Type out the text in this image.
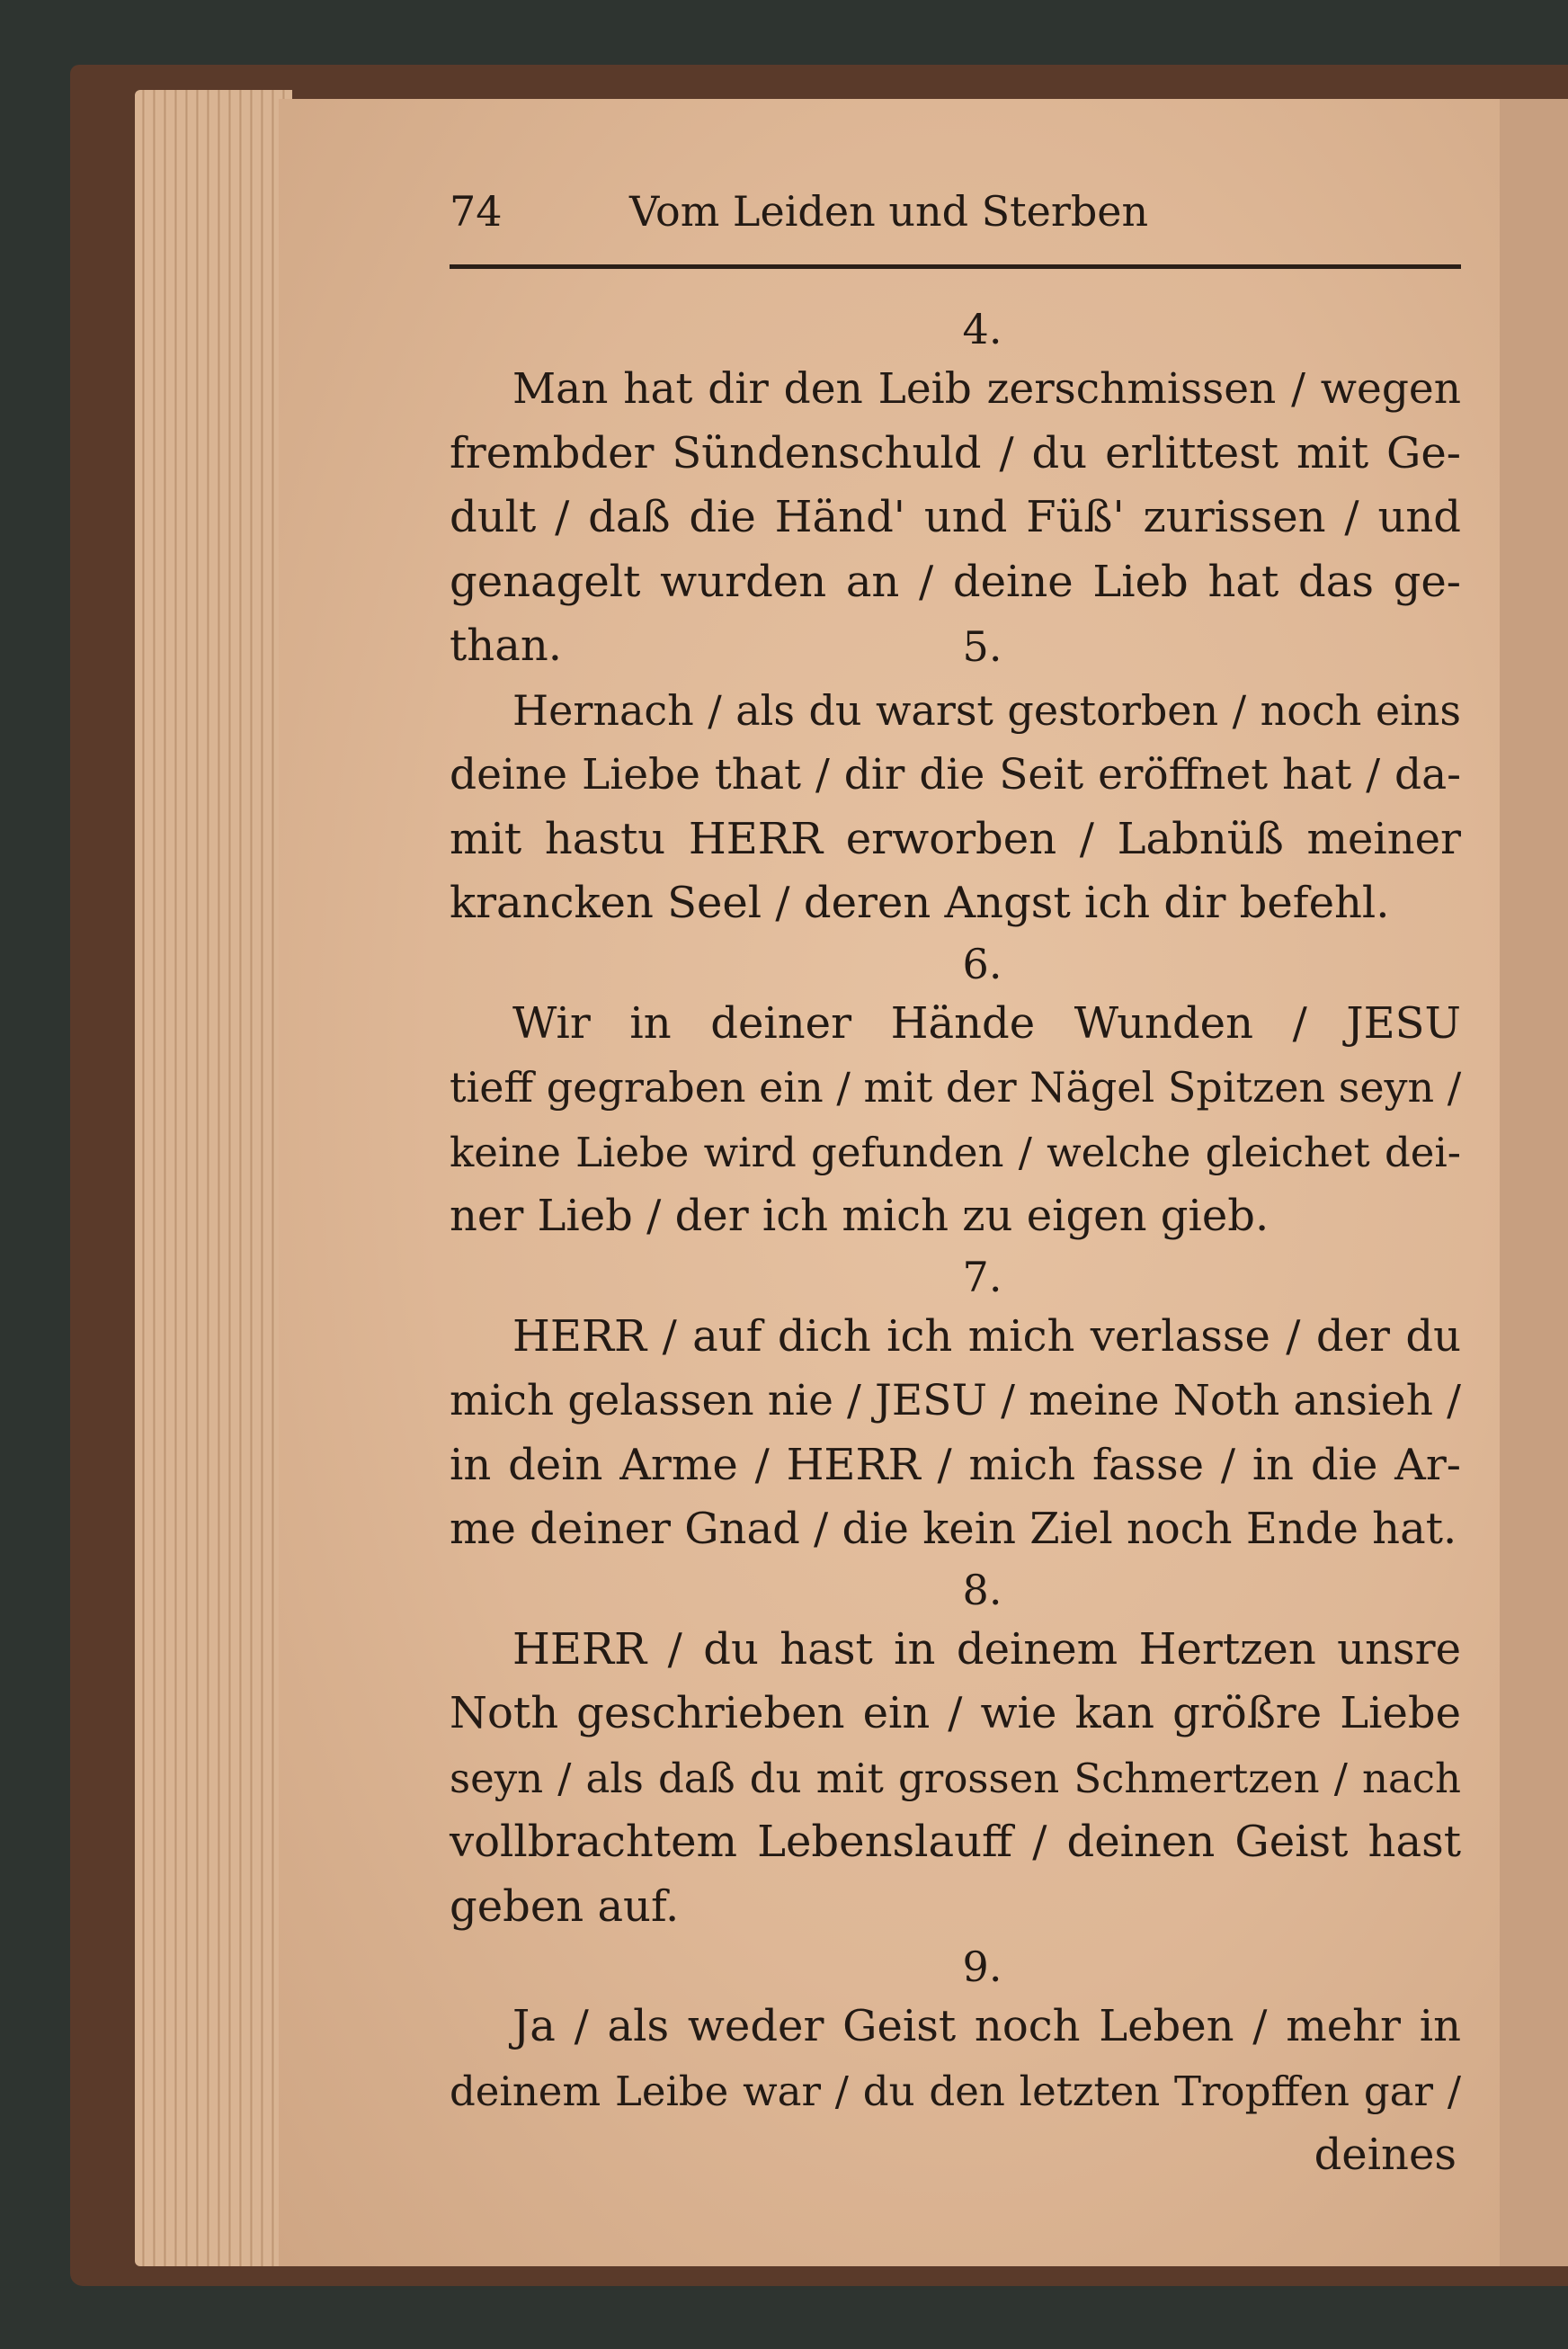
74	Vom Leiden und Sterben
4.
Man hat dir den Leib zerschmissen / wegen
frembder Sündenschuld / du erlittest mit Ge-
dult / daß die Händ' und Füß' zurissen / und
genagelt wurden an / deine Lieb hat das ge-
than.	5.
Hernach / als du warst gestorben / noch eins
deine Liebe that / dir die Seit eröffnet hat / da-
mit hastu HERR erworben / Labnüß meiner
krancken Seel / deren Angst ich dir befehl.
6.
Wir in deiner Hände Wunden / JESU
tieff gegraben ein / mit der Nägel Spitzen seyn /
keine Liebe wird gefunden / welche gleichet dei-
ner Lieb / der ich mich zu eigen gieb.
7.
HERR / auf dich ich mich verlasse / der du
mich gelassen nie / JESU / meine Noth ansieh /
in dein Arme / HERR / mich fasse / in die Ar-
me deiner Gnad / die kein Ziel noch Ende hat.
8.
HERR / du hast in deinem Hertzen unsre
Noth geschrieben ein / wie kan größre Liebe
seyn / als daß du mit grossen Schmertzen / nach
vollbrachtem Lebenslauff / deinen Geist hast
geben auf.
9.
Ja / als weder Geist noch Leben / mehr in
deinem Leibe war / du den letzten Tropffen gar /
deines
